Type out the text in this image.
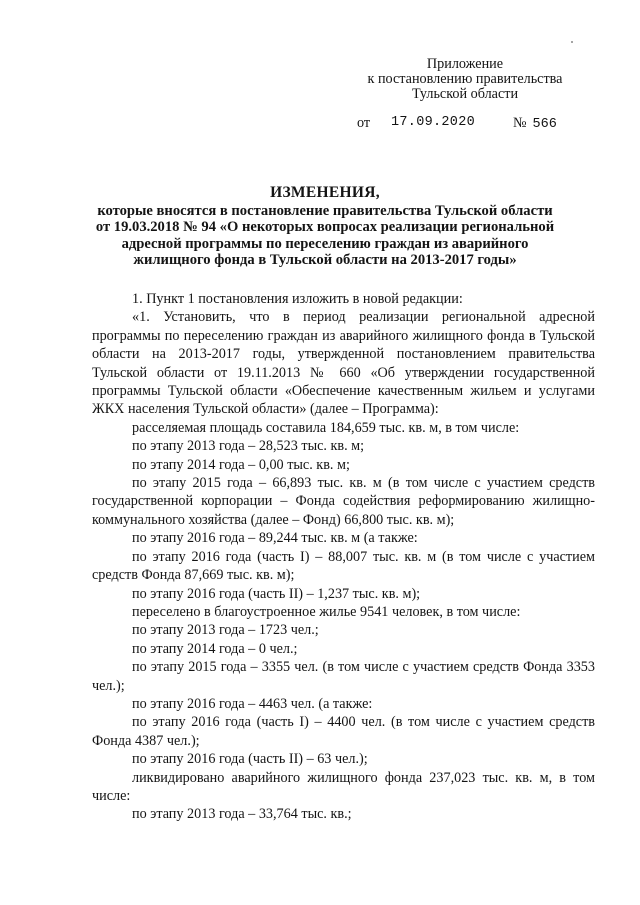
Приложение
к постановлению правительства
Тульской области
от 17.09.2020	№ 566
ИЗМЕНЕНИЯ,
которые вносятся в постановление правительства Тульской области от 19.03.2018 № 94 «О некоторых вопросах реализации региональной адресной программы по переселению граждан из аварийного жилищного фонда в Тульской области на 2013-2017 годы»

1. Пункт 1 постановления изложить в новой редакции:

«1. Установить, что в период реализации региональной адресной программы по переселению граждан из аварийного жилищного фонда в Тульской области на 2013-2017 годы, утвержденной постановлением правительства Тульской области от 19.11.2013 № 660 «Об утверждении государственной программы Тульской области «Обеспечение качественным жильем и услугами ЖКХ населения Тульской области» (далее – Программа):

расселяемая площадь составила 184,659 тыс. кв. м, в том числе:

по этапу 2013 года – 28,523 тыс. кв. м;

по этапу 2014 года – 0,00 тыс. кв. м;

по этапу 2015 года – 66,893 тыс. кв. м (в том числе с участием средств государственной корпорации – Фонда содействия реформированию жилищно-коммунального хозяйства (далее – Фонд) 66,800 тыс. кв. м);

по этапу 2016 года – 89,244 тыс. кв. м (а также:

по этапу 2016 года (часть I) – 88,007 тыс. кв. м (в том числе с участием средств Фонда 87,669 тыс. кв. м);

по этапу 2016 года (часть II) – 1,237 тыс. кв. м);

переселено в благоустроенное жилье 9541 человек, в том числе:

по этапу 2013 года – 1723 чел.;

по этапу 2014 года – 0 чел.;

по этапу 2015 года – 3355 чел. (в том числе с участием средств Фонда 3353 чел.);

по этапу 2016 года – 4463 чел. (а также:

по этапу 2016 года (часть I) – 4400 чел. (в том числе с участием средств Фонда 4387 чел.);

по этапу 2016 года (часть II) – 63 чел.);

ликвидировано аварийного жилищного фонда 237,023 тыс. кв. м, в том числе:

по этапу 2013 года – 33,764 тыс. кв.;
